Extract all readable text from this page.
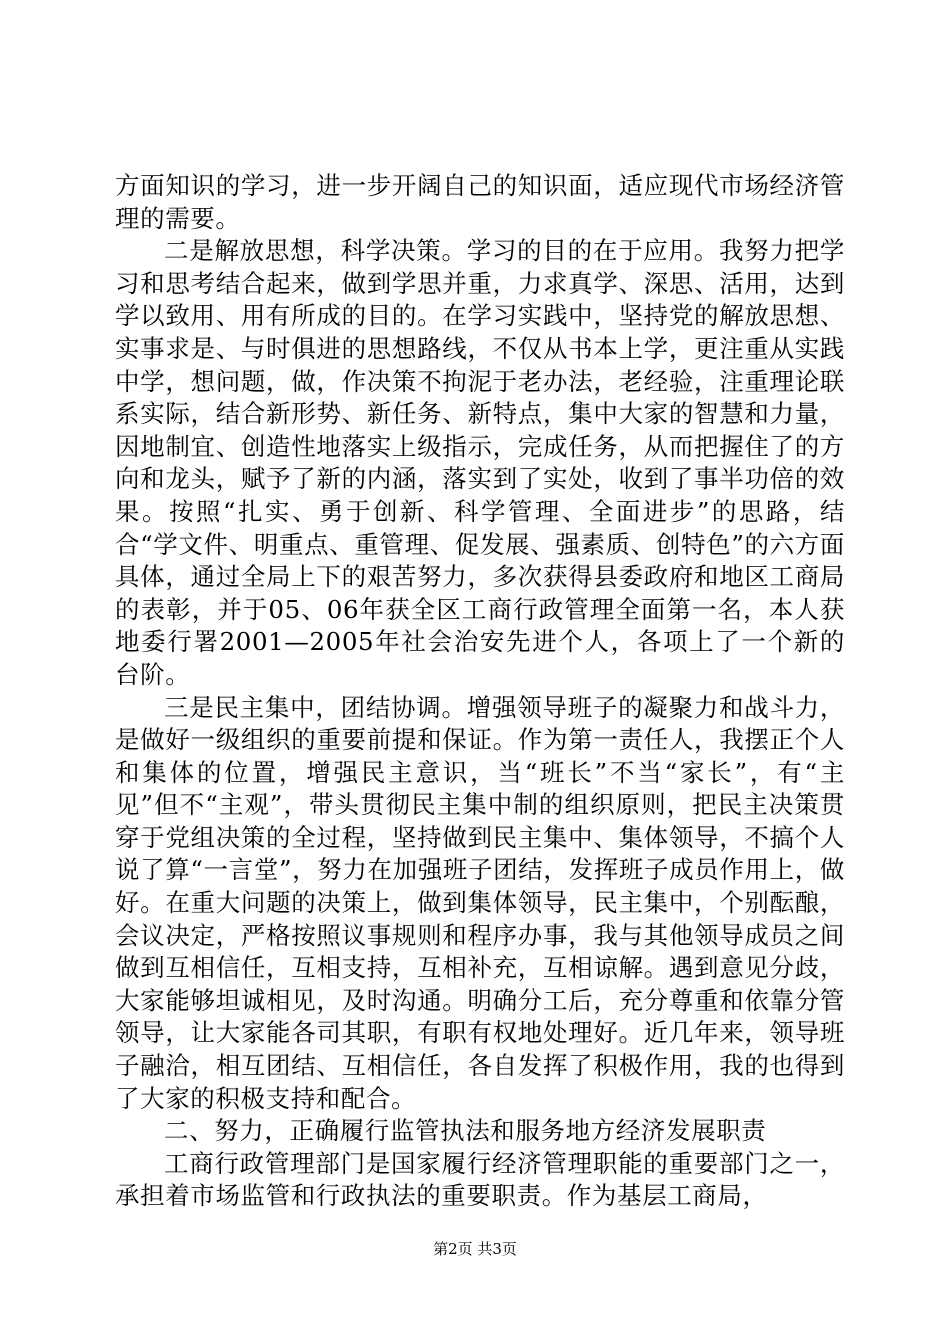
方面知识的学习，进一步开阔自己的知识面，适应现代市场经济管理的需要。

二是解放思想，科学决策。学习的目的在于应用。我努力把学习和思考结合起来，做到学思并重，力求真学、深思、活用，达到学以致用、用有所成的目的。在学习实践中，坚持党的解放思想、实事求是、与时俱进的思想路线，不仅从书本上学，更注重从实践中学，想问题，做，作决策不拘泥于老办法，老经验，注重理论联系实际，结合新形势、新任务、新特点，集中大家的智慧和力量，因地制宜、创造性地落实上级指示，完成任务，从而把握住了的方向和龙头，赋予了新的内涵，落实到了实处，收到了事半功倍的效果。按照“扎实、勇于创新、科学管理、全面进步”的思路，结合“学文件、明重点、重管理、促发展、强素质、创特色”的六方面具体，通过全局上下的艰苦努力，多次获得县委政府和地区工商局的表彰，并于05、06年获全区工商行政管理全面第一名，本人获地委行署2001—2005年社会治安先进个人，各项上了一个新的台阶。

三是民主集中，团结协调。增强领导班子的凝聚力和战斗力，是做好一级组织的重要前提和保证。作为第一责任人，我摆正个人和集体的位置，增强民主意识，当“班长”不当“家长”，有“主见”但不“主观”，带头贯彻民主集中制的组织原则，把民主决策贯穿于党组决策的全过程，坚持做到民主集中、集体领导，不搞个人说了算“一言堂”，努力在加强班子团结，发挥班子成员作用上，做好。在重大问题的决策上，做到集体领导，民主集中，个别酝酿，会议决定，严格按照议事规则和程序办事，我与其他领导成员之间做到互相信任，互相支持，互相补充，互相谅解。遇到意见分歧，大家能够坦诚相见，及时沟通。明确分工后，充分尊重和依靠分管领导，让大家能各司其职，有职有权地处理好。近几年来，领导班子融洽，相互团结、互相信任，各自发挥了积极作用，我的也得到了大家的积极支持和配合。

二、努力，正确履行监管执法和服务地方经济发展职责

工商行政管理部门是国家履行经济管理职能的重要部门之一，承担着市场监管和行政执法的重要职责。作为基层工商局，

第2页 共3页
